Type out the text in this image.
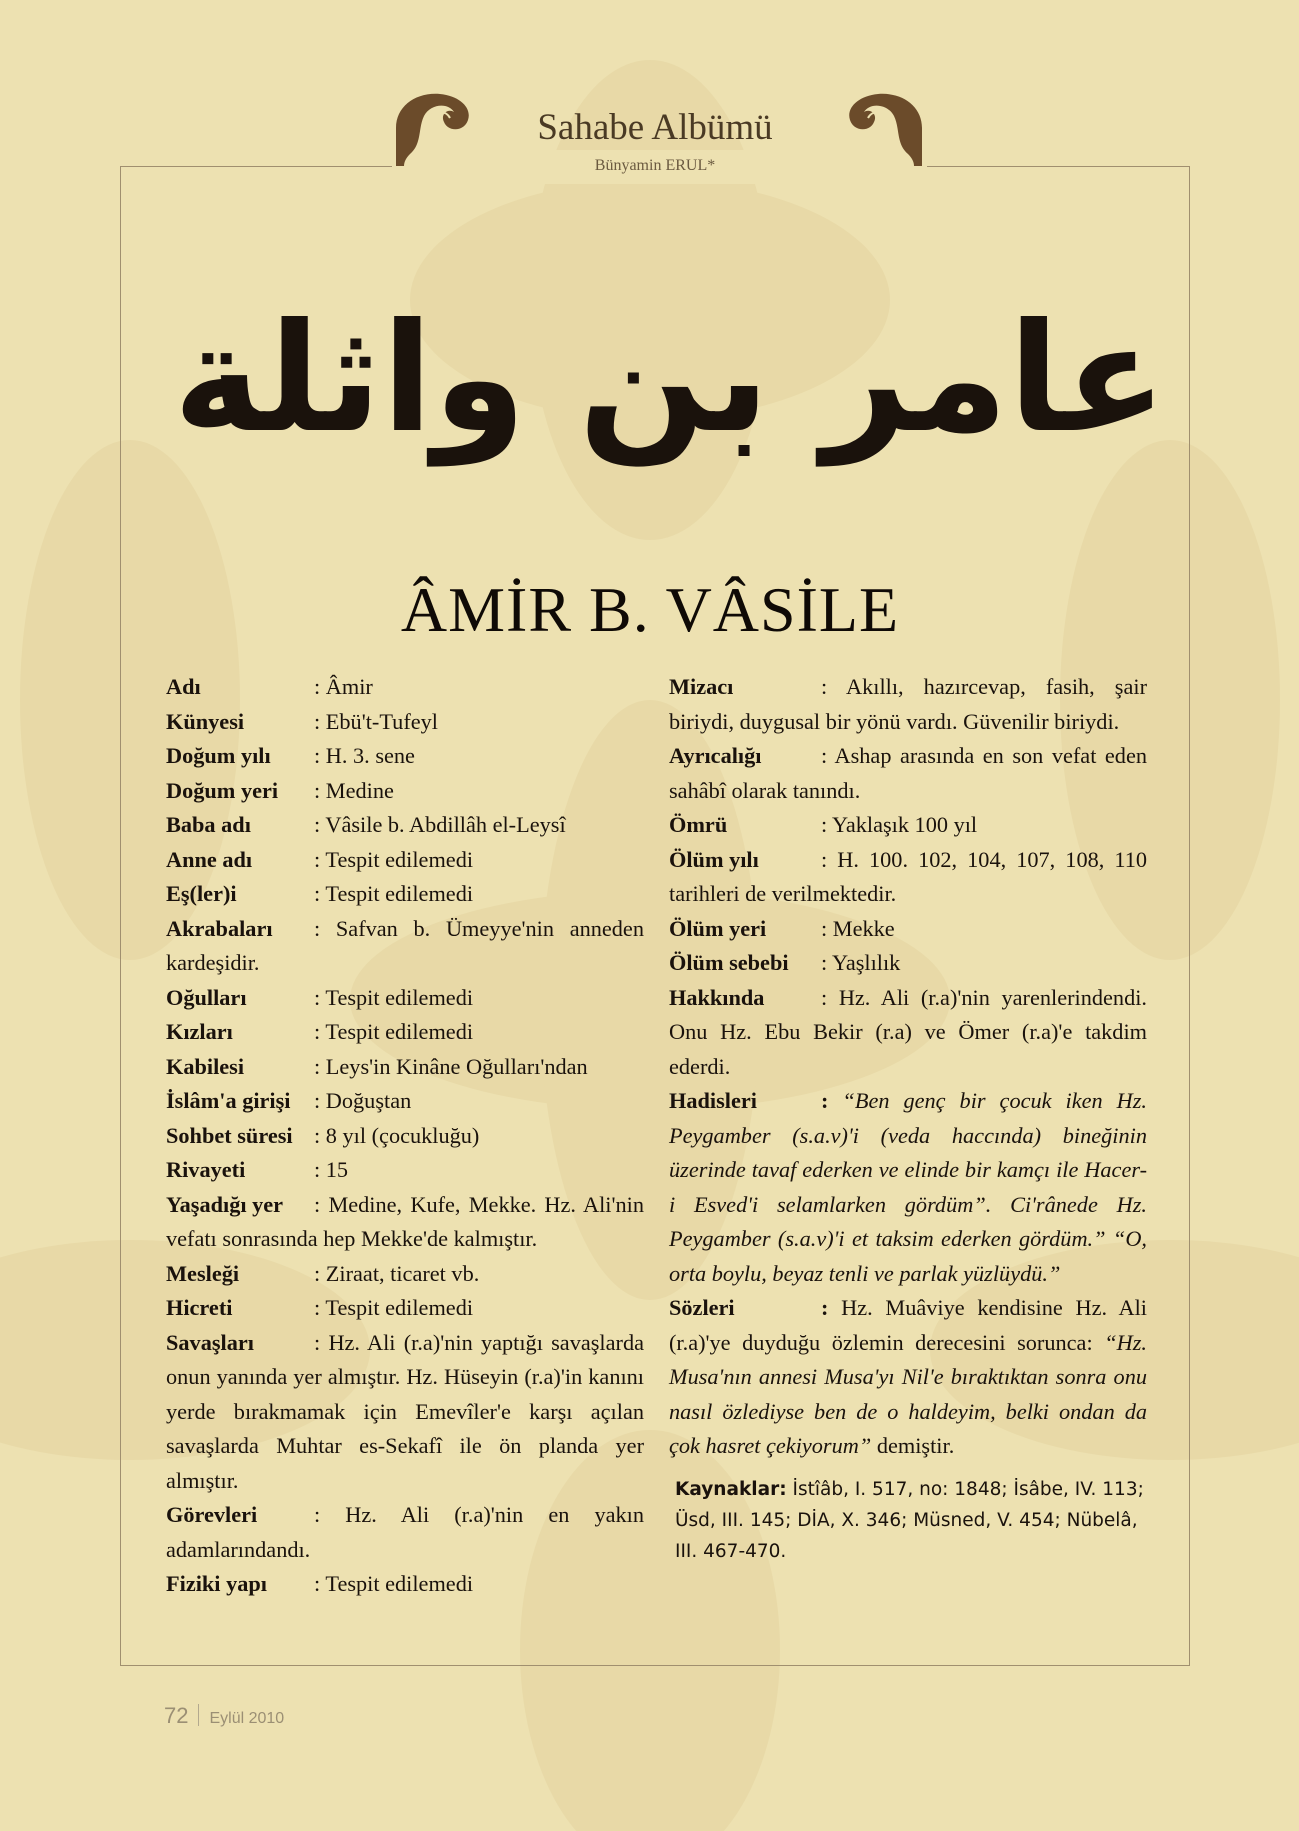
Sahabe Albümü
Bünyamin ERUL*
عامر بن واثلة
ÂMİR B. VÂSİLE
Adı	: Âmir
Künyesi	: Ebü't-Tufeyl
Doğum yılı : H. 3. sene
Doğum yeri : Medine
Baba adı	: Vâsile b. Abdillâh el-Leysî
Anne adı	: Tespit edilemedi
Eş(ler)i	: Tespit edilemedi
Akrabaları : Safvan b. Ümeyye'nin anneden kardeşidir.
Oğulları	: Tespit edilemedi
Kızları	: Tespit edilemedi
Kabilesi	: Leys'in Kinâne Oğulları'ndan
İslâm'a girişi : Doğuştan
Sohbet süresi : 8 yıl (çocukluğu)
Rivayeti	: 15
Yaşadığı yer : Medine, Kufe, Mekke. Hz. Ali'nin vefatı sonrasında hep Mekke'de kalmıştır.
Mesleği	: Ziraat, ticaret vb.
Hicreti	: Tespit edilemedi
Savaşları	: Hz. Ali (r.a)'nin yaptığı savaşlarda onun yanında yer almıştır. Hz. Hüseyin (r.a)'in kanını yerde bırakmamak için Emevîler'e karşı açılan savaşlarda Muhtar es-Sekafî ile ön planda yer almıştır.
Görevleri	: Hz. Ali (r.a)'nin en yakın adamlarındandı.
Fiziki yapı : Tespit edilemedi
Mizacı	: Akıllı, hazırcevap, fasih, şair biriydi, duygusal bir yönü vardı. Güvenilir biriydi.
Ayrıcalığı	: Ashap arasında en son vefat eden sahâbî olarak tanındı.
Ömrü	: Yaklaşık 100 yıl
Ölüm yılı	: H. 100. 102, 104, 107, 108, 110 tarihleri de verilmektedir.
Ölüm yeri : Mekke
Ölüm sebebi : Yaşlılık
Hakkında	: Hz. Ali (r.a)'nin yarenlerindendi. Onu Hz. Ebu Bekir (r.a) ve Ömer (r.a)'e takdim ederdi.
Hadisleri	: “Ben genç bir çocuk iken Hz. Peygamber (s.a.v)'i (veda haccında) bineğinin üzerinde tavaf ederken ve elinde bir kamçı ile Hacer-i Esved'i selamlarken gördüm”. Ci'rânede Hz. Peygamber (s.a.v)'i et taksim ederken gördüm.” “O, orta boylu, beyaz tenli ve parlak yüzlüydü.”
Sözleri	: Hz. Muâviye kendisine Hz. Ali (r.a)'ye duyduğu özlemin derecesini sorunca: “Hz. Musa'nın annesi Musa'yı Nil'e bıraktıktan sonra onu nasıl özlediyse ben de o haldeyim, belki ondan da çok hasret çekiyorum” demiştir.
Kaynaklar: İstîâb, I. 517, no: 1848; İsâbe, IV. 113; Üsd, III. 145; DİA, X. 346; Müsned, V. 454; Nübelâ, III. 467-470.
72 Eylül 2010
